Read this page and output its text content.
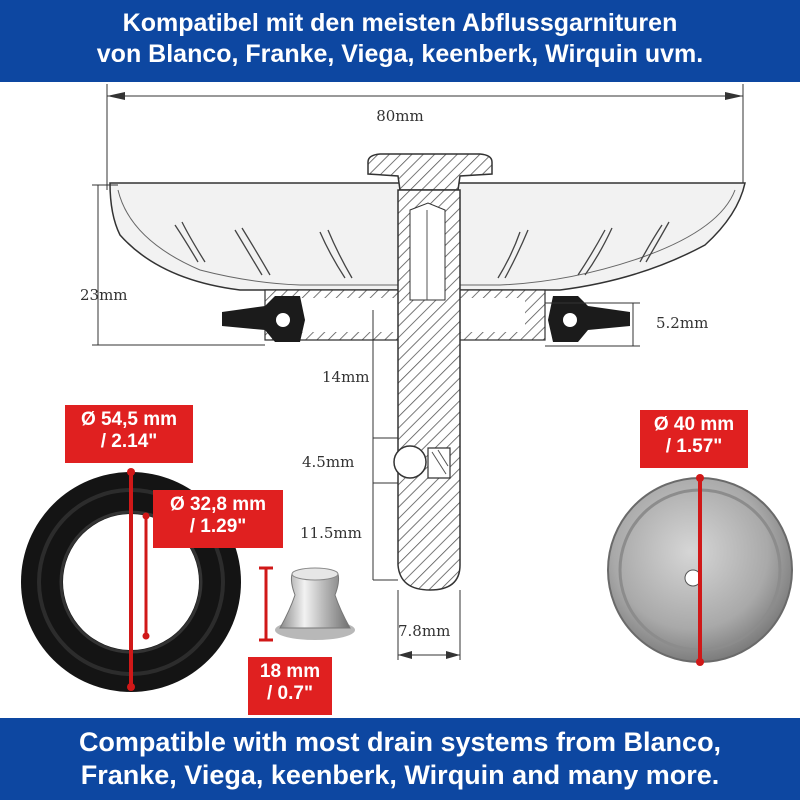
Kompatibel mit den meisten Abflussgarnituren
von Blanco, Franke, Viega, keenberk, Wirquin uvm.
80mm
23mm
5.2mm
14mm
4.5mm
11.5mm
7.8mm
Ø 54,5 mm
/ 2.14"
Ø 32,8 mm
/ 1.29"
18 mm
/ 0.7"
Ø 40 mm
/ 1.57"
Compatible with most drain systems from Blanco,
Franke, Viega, keenberk, Wirquin and many more.
